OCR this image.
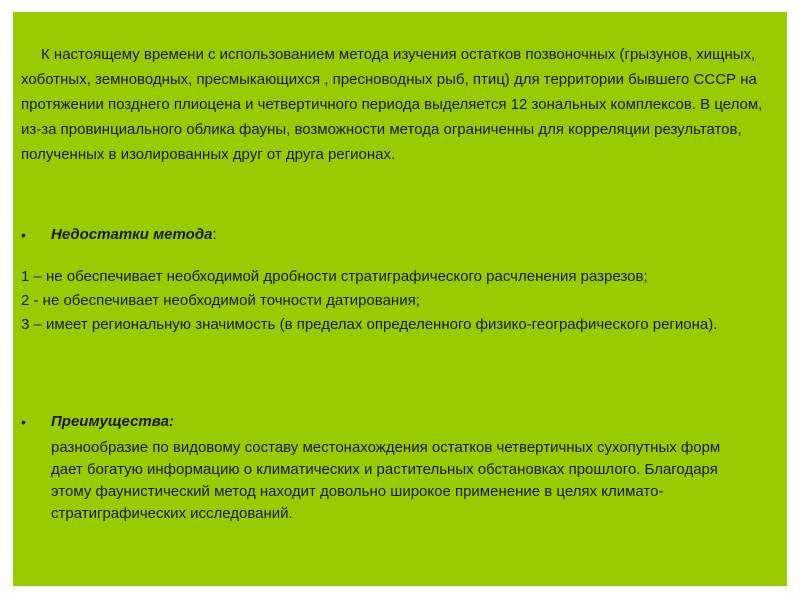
К настоящему времени с использованием метода изучения остатков позвоночных (грызунов, хищных, хоботных, земноводных, пресмыкающихся , пресноводных рыб, птиц) для территории бывшего СССР на протяжении позднего плиоцена и четвертичного периода выделяется 12 зональных комплексов. В целом, из-за провинциального облика фауны, возможности метода ограниченны для корреляции результатов, полученных в изолированных друг от друга регионах.

• Недостатки метода:
1 – не обеспечивает необходимой дробности стратиграфического расчленения разрезов;
2 - не обеспечивает необходимой точности датирования;
3 – имеет региональную значимость (в пределах определенного физико-географического региона).
• Преимущества:

разнообразие по видовому составу местонахождения остатков четвертичных сухопутных форм дает богатую информацию о климатических и растительных обстановках прошлого. Благодаря этому фаунистический метод находит довольно широкое применение в целях климато-стратиграфических исследований.
